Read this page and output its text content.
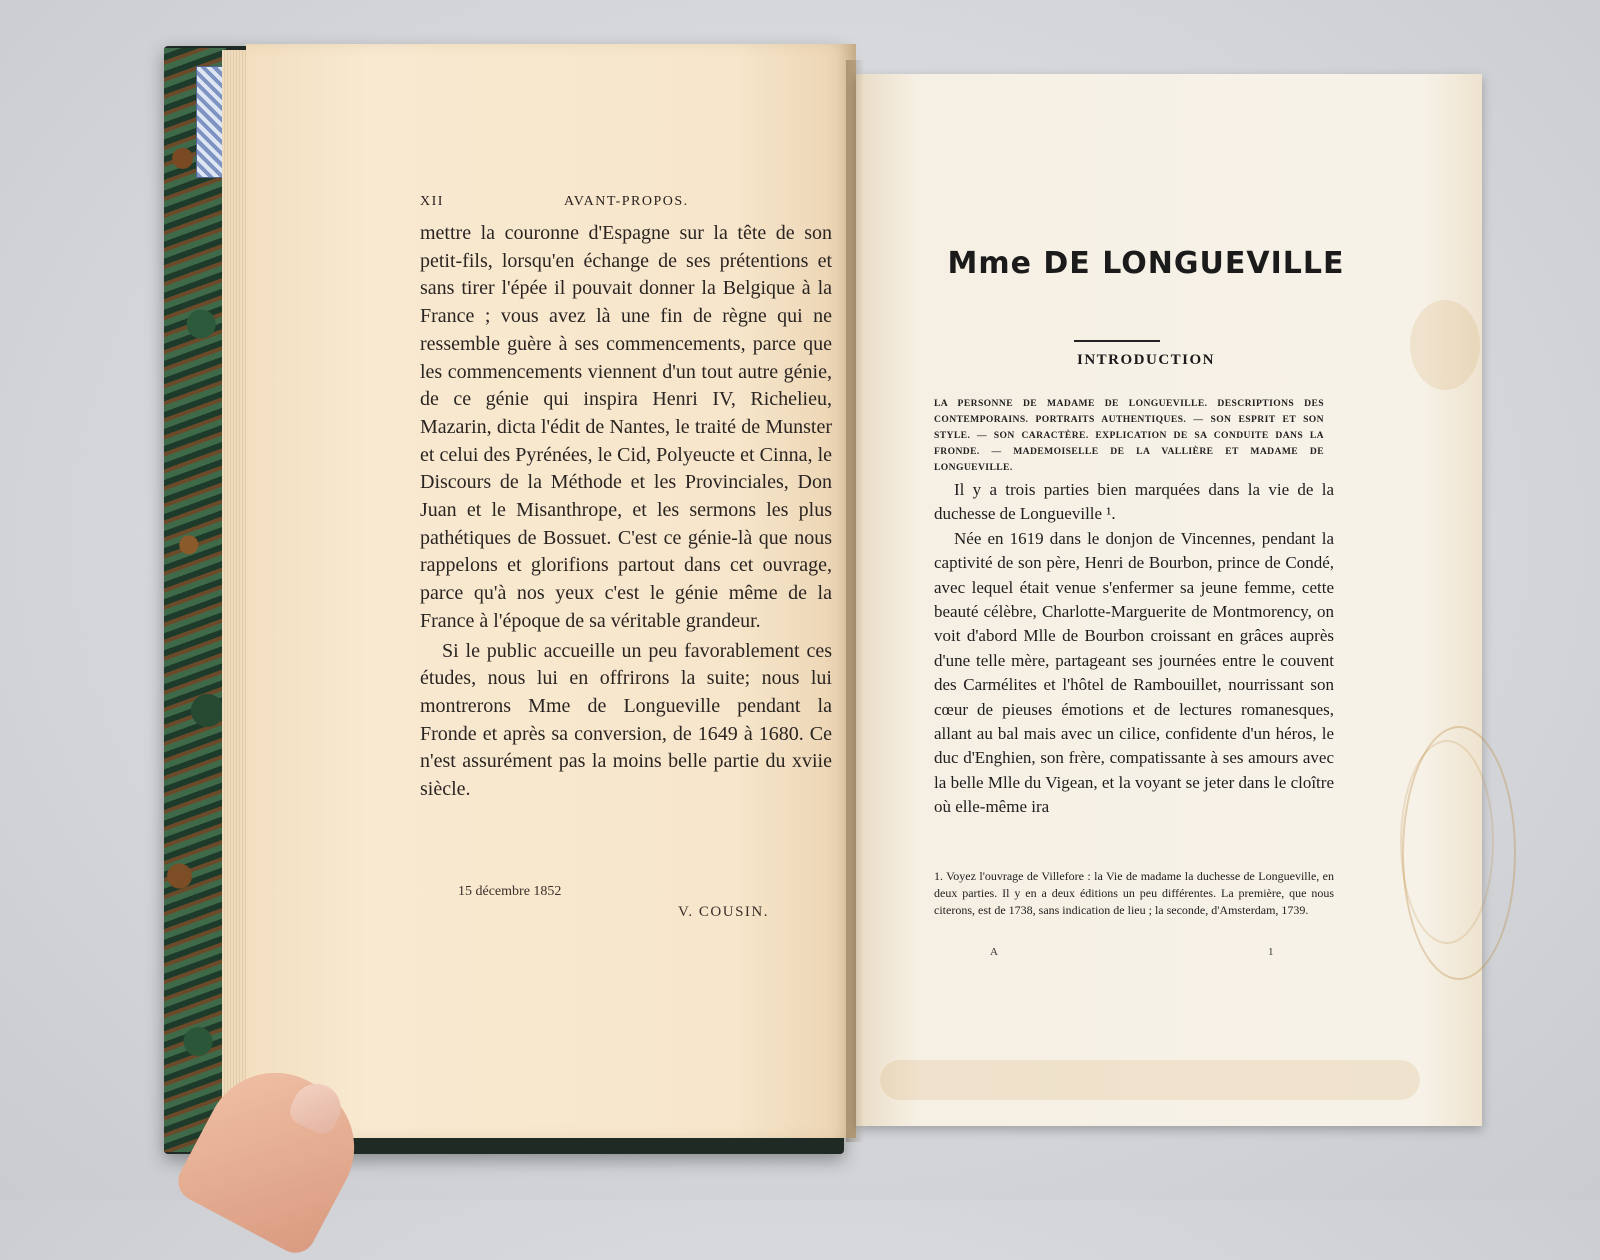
XII	AVANT-PROPOS.

mettre la couronne d'Espagne sur la tête de son petit-fils, lorsqu'en échange de ses prétentions et sans tirer l'épée il pouvait donner la Belgique à la France ; vous avez là une fin de règne qui ne ressemble guère à ses commencements, parce que les commencements viennent d'un tout autre génie, de ce génie qui inspira Henri IV, Richelieu, Mazarin, dicta l'édit de Nantes, le traité de Munster et celui des Pyrénées, le Cid, Polyeucte et Cinna, le Discours de la Méthode et les Provinciales, Don Juan et le Misanthrope, et les sermons les plus pathétiques de Bossuet. C'est ce génie-là que nous rappelons et glorifions partout dans cet ouvrage, parce qu'à nos yeux c'est le génie même de la France à l'époque de sa véritable grandeur.

Si le public accueille un peu favorablement ces études, nous lui en offrirons la suite; nous lui montrerons Mme de Longueville pendant la Fronde et après sa conversion, de 1649 à 1680. Ce n'est assurément pas la moins belle partie du xviie siècle.

15 décembre 1852
V. COUSIN.
Mme DE LONGUEVILLE
INTRODUCTION
LA PERSONNE DE MADAME DE LONGUEVILLE. DESCRIPTIONS DES CONTEMPORAINS. PORTRAITS AUTHENTIQUES. — SON ESPRIT ET SON STYLE. — SON CARACTÈRE. EXPLICATION DE SA CONDUITE DANS LA FRONDE. — MADEMOISELLE DE LA VALLIÈRE ET MADAME DE LONGUEVILLE.

Il y a trois parties bien marquées dans la vie de la duchesse de Longueville ¹.

Née en 1619 dans le donjon de Vincennes, pendant la captivité de son père, Henri de Bourbon, prince de Condé, avec lequel était venue s'enfermer sa jeune femme, cette beauté célèbre, Charlotte-Marguerite de Montmorency, on voit d'abord Mlle de Bourbon croissant en grâces auprès d'une telle mère, partageant ses journées entre le couvent des Carmélites et l'hôtel de Rambouillet, nourrissant son cœur de pieuses émotions et de lectures romanesques, allant au bal mais avec un cilice, confidente d'un héros, le duc d'Enghien, son frère, compatissante à ses amours avec la belle Mlle du Vigean, et la voyant se jeter dans le cloître où elle-même ira

1. Voyez l'ouvrage de Villefore : la Vie de madame la duchesse de Longueville, en deux parties. Il y en a deux éditions un peu différentes. La première, que nous citerons, est de 1738, sans indication de lieu ; la seconde, d'Amsterdam, 1739.
A	1
